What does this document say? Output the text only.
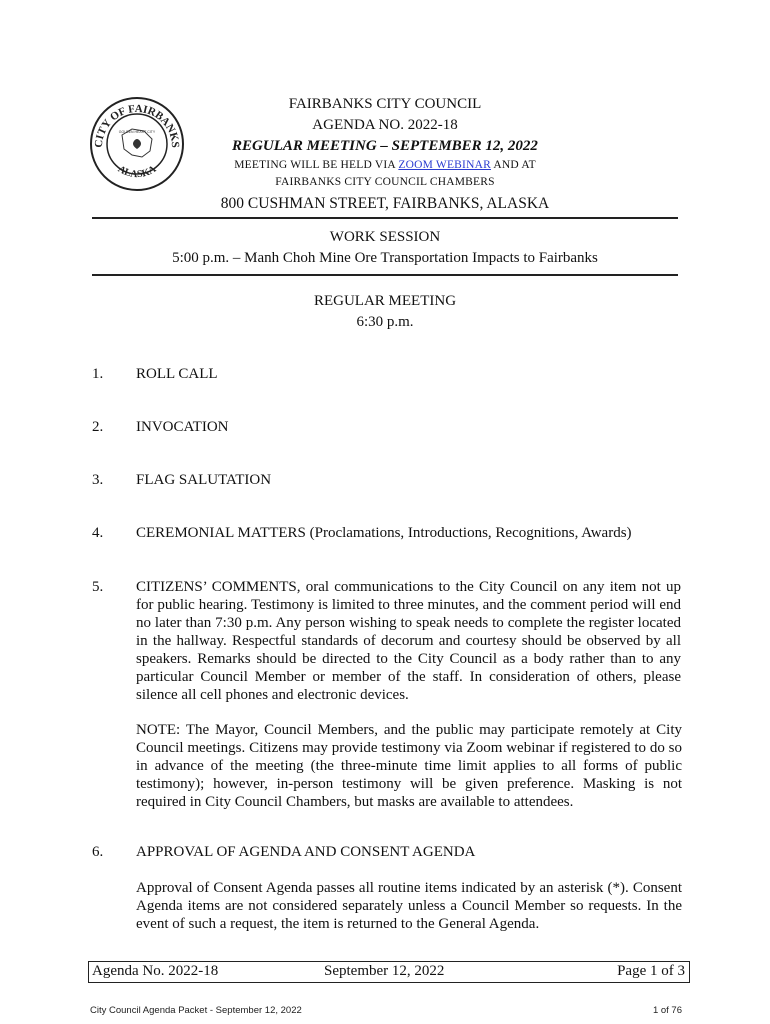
CITY OF FAIRBANKS
ALASKA
GOLDEN HEART CITY
FAIRBANKS CITY COUNCIL
AGENDA NO. 2022-18
REGULAR MEETING – SEPTEMBER 12, 2022
MEETING WILL BE HELD VIA ZOOM WEBINAR AND AT
FAIRBANKS CITY COUNCIL CHAMBERS
800 CUSHMAN STREET, FAIRBANKS, ALASKA
WORK SESSION
5:00 p.m. – Manh Choh Mine Ore Transportation Impacts to Fairbanks
REGULAR MEETING
6:30 p.m.
1. ROLL CALL
2. INVOCATION
3. FLAG SALUTATION
4. CEREMONIAL MATTERS (Proclamations, Introductions, Recognitions, Awards)
5. CITIZENS’ COMMENTS, oral communications to the City Council on any item not up for public hearing. Testimony is limited to three minutes, and the comment period will end no later than 7:30 p.m. Any person wishing to speak needs to complete the register located in the hallway. Respectful standards of decorum and courtesy should be observed by all speakers. Remarks should be directed to the City Council as a body rather than to any particular Council Member or member of the staff. In consideration of others, please silence all cell phones and electronic devices.
NOTE: The Mayor, Council Members, and the public may participate remotely at City Council meetings. Citizens may provide testimony via Zoom webinar if registered to do so in advance of the meeting (the three-minute time limit applies to all forms of public testimony); however, in-person testimony will be given preference. Masking is not required in City Council Chambers, but masks are available to attendees.
6. APPROVAL OF AGENDA AND CONSENT AGENDA
Approval of Consent Agenda passes all routine items indicated by an asterisk (*). Consent Agenda items are not considered separately unless a Council Member so requests. In the event of such a request, the item is returned to the General Agenda.
Agenda No. 2022-18	September 12, 2022	Page 1 of 3
City Council Agenda Packet - September 12, 2022	1 of 76
